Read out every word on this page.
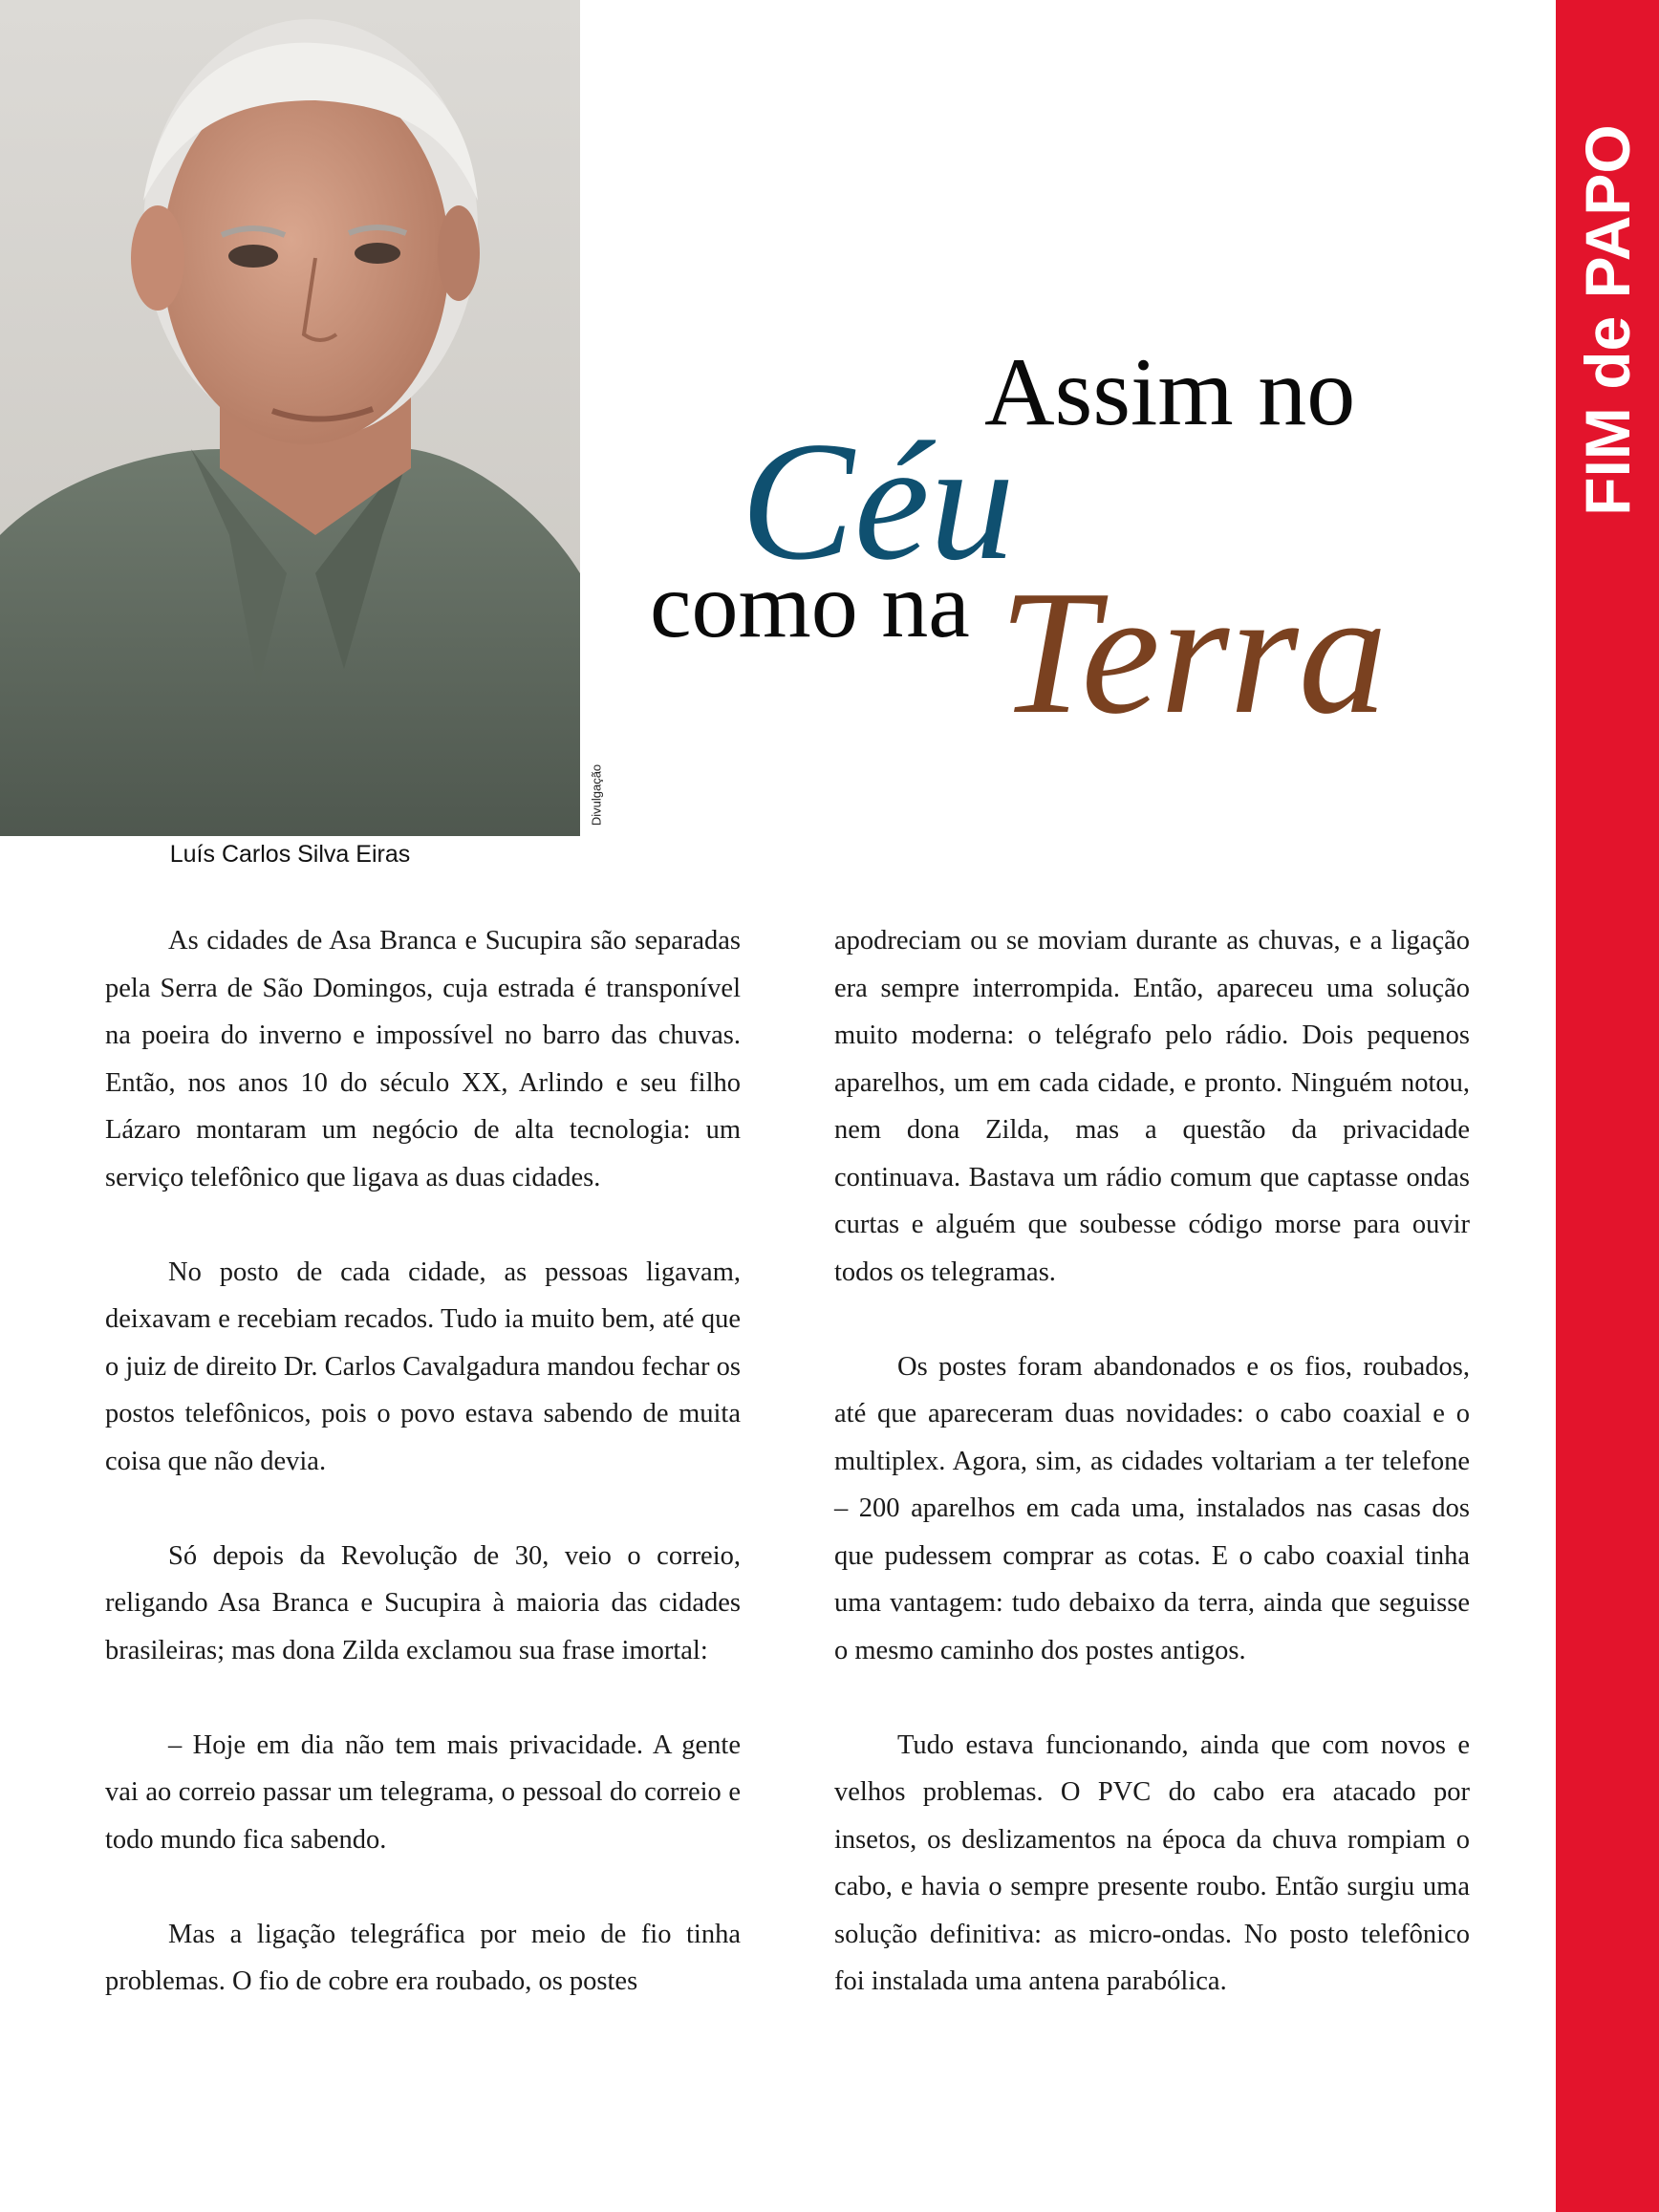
Divulgação
Luís Carlos Silva Eiras
Assim no
Céu
como na Terra
FIM de PAPO

As cidades de Asa Branca e Sucupira são separadas pela Serra de São Domingos, cuja estrada é transponível na poeira do inverno e impossível no barro das chuvas. Então, nos anos 10 do século XX, Arlindo e seu filho Lázaro montaram um negócio de alta tecnologia: um serviço telefônico que ligava as duas cidades.

No posto de cada cidade, as pessoas ligavam, deixavam e recebiam recados. Tudo ia muito bem, até que o juiz de direito Dr. Carlos Cavalgadura mandou fechar os postos telefônicos, pois o povo estava sabendo de muita coisa que não devia.

Só depois da Revolução de 30, veio o correio, religando Asa Branca e Sucupira à maioria das cidades brasileiras; mas dona Zilda exclamou sua frase imortal:

– Hoje em dia não tem mais privacidade. A gente vai ao correio passar um telegrama, o pessoal do correio e todo mundo fica sabendo.

Mas a ligação telegráfica por meio de fio tinha problemas. O fio de cobre era roubado, os postes

apodreciam ou se moviam durante as chuvas, e a ligação era sempre interrompida. Então, apareceu uma solução muito moderna: o telégrafo pelo rádio. Dois pequenos aparelhos, um em cada cidade, e pronto. Ninguém notou, nem dona Zilda, mas a questão da privacidade continuava. Bastava um rádio comum que captasse ondas curtas e alguém que soubesse código morse para ouvir todos os telegramas.

Os postes foram abandonados e os fios, roubados, até que apareceram duas novidades: o cabo coaxial e o multiplex. Agora, sim, as cidades voltariam a ter telefone – 200 aparelhos em cada uma, instalados nas casas dos que pudessem comprar as cotas. E o cabo coaxial tinha uma vantagem: tudo debaixo da terra, ainda que seguisse o mesmo caminho dos postes antigos.

Tudo estava funcionando, ainda que com novos e velhos problemas. O PVC do cabo era atacado por insetos, os deslizamentos na época da chuva rompiam o cabo, e havia o sempre presente roubo. Então surgiu uma solução definitiva: as micro-ondas. No posto telefônico foi instalada uma antena parabólica.
